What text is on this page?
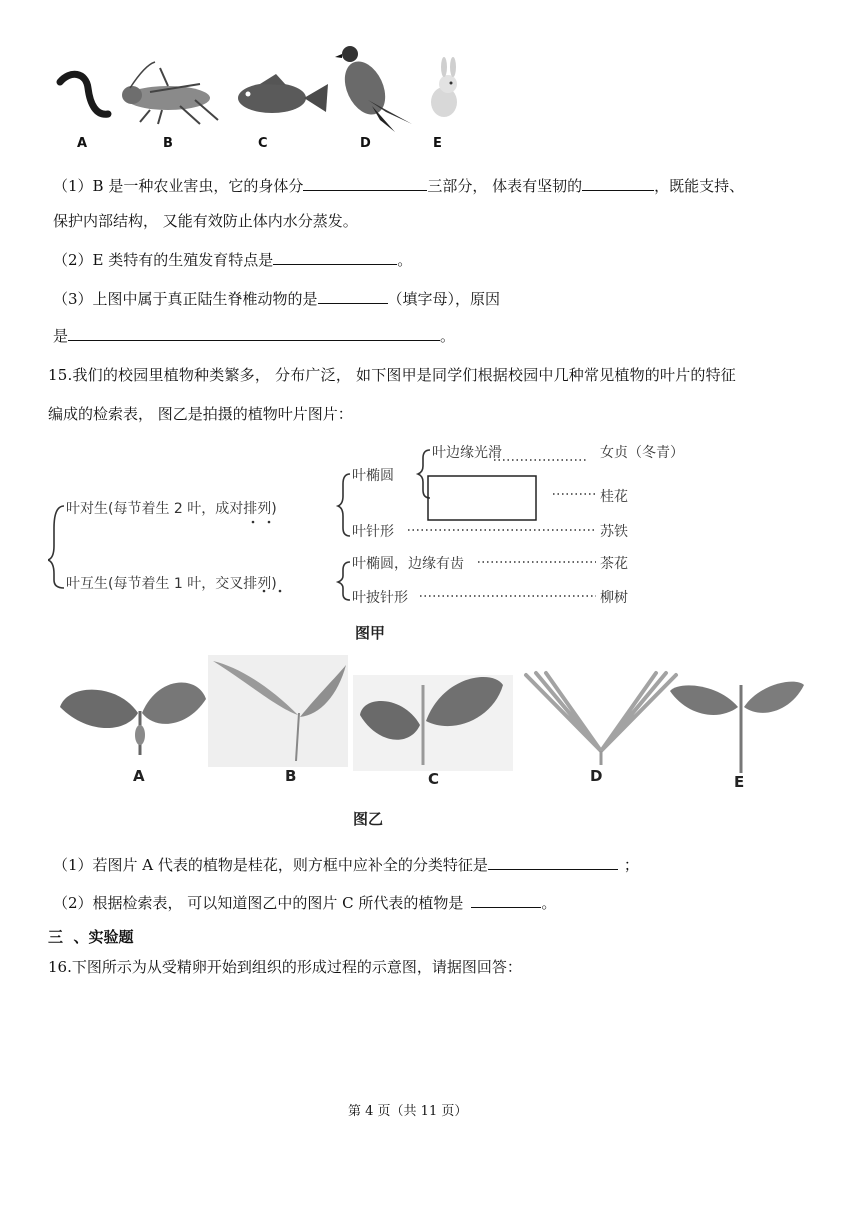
A	B	C	D	E
（1）B 是一种农业害虫，它的身体分	三部分， 体表有坚韧的	，既能支持、
保护内部结构， 又能有效防止体内水分蒸发。
（2）E 类特有的生殖发育特点是	。
（3）上图中属于真正陆生脊椎动物的是	（填字母），原因
是	。
15.我们的校园里植物种类繁多， 分布广泛， 如下图甲是同学们根据校园中几种常见植物的叶片的特征
编成的检索表， 图乙是拍摄的植物叶片图片：
叶对生(每节着生 2 叶，成对排列)
叶互生(每节着生 1 叶，交叉排列)
叶椭圆
叶边缘光滑	女贞（冬青）
桂花
叶针形	苏铁
叶椭圆，边缘有齿	茶花
叶披针形	柳树
图甲
A	B	C	D	E
图乙
（1）若图片 A 代表的植物是桂花，则方框中应补全的分类特征是	；
（2）根据检索表， 可以知道图乙中的图片 C 所代表的植物是	。
三  、实验题
16.下图所示为从受精卵开始到组织的形成过程的示意图，请据图回答：
第 4 页（共 11 页）
